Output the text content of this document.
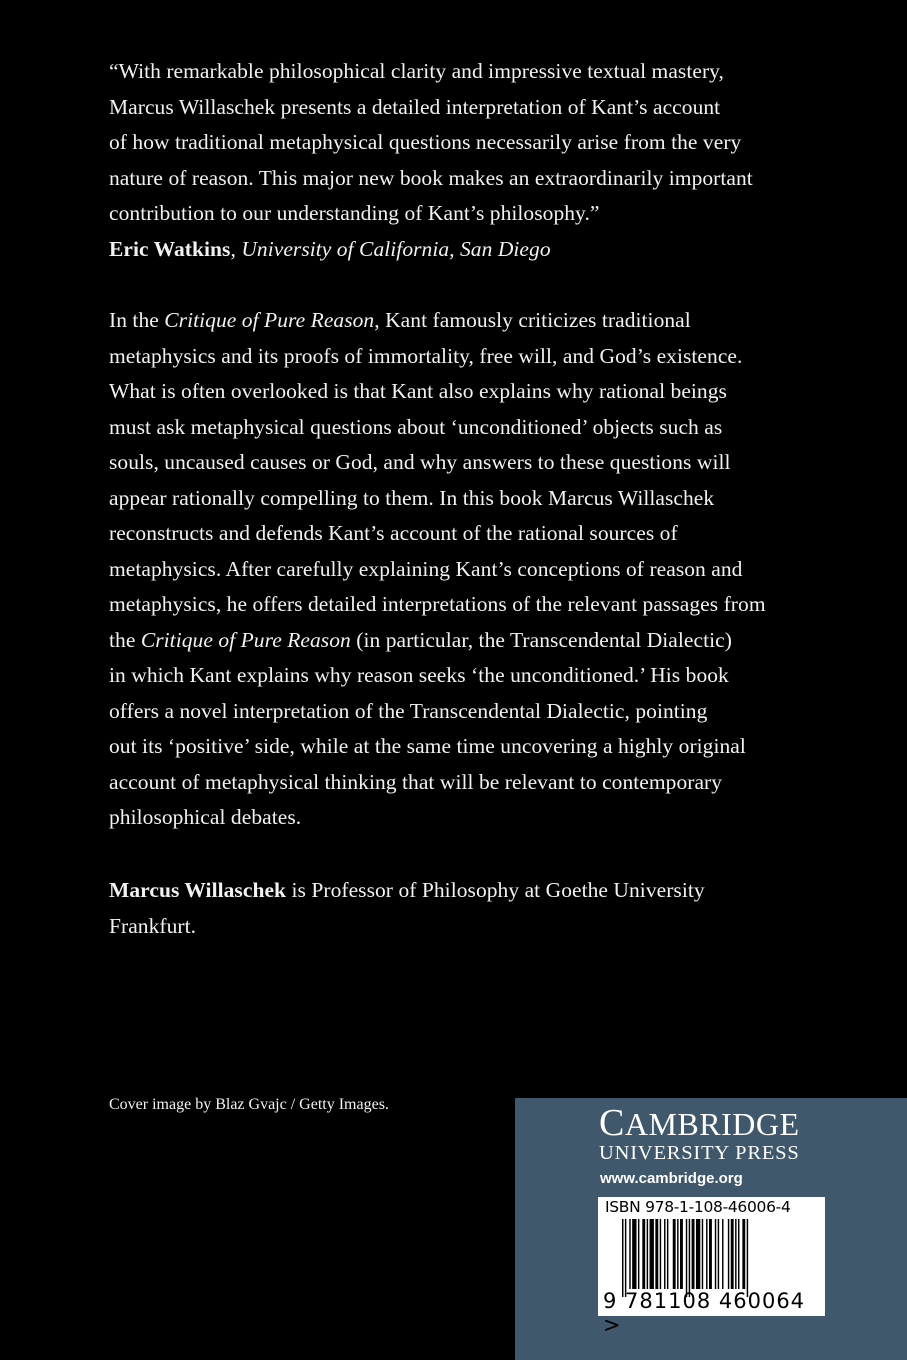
“With remarkable philosophical clarity and impressive textual mastery,
Marcus Willaschek presents a detailed interpretation of Kant’s account
of how traditional metaphysical questions necessarily arise from the very
nature of reason. This major new book makes an extraordinarily important
contribution to our understanding of Kant’s philosophy.”
Eric Watkins, University of California, San Diego
In the Critique of Pure Reason, Kant famously criticizes traditional
metaphysics and its proofs of immortality, free will, and God’s existence.
What is often overlooked is that Kant also explains why rational beings
must ask metaphysical questions about ‘unconditioned’ objects such as
souls, uncaused causes or God, and why answers to these questions will
appear rationally compelling to them. In this book Marcus Willaschek
reconstructs and defends Kant’s account of the rational sources of
metaphysics. After carefully explaining Kant’s conceptions of reason and
metaphysics, he offers detailed interpretations of the relevant passages from
the Critique of Pure Reason (in particular, the Transcendental Dialectic)
in which Kant explains why reason seeks ‘the unconditioned.’ His book
offers a novel interpretation of the Transcendental Dialectic, pointing
out its ‘positive’ side, while at the same time uncovering a highly original
account of metaphysical thinking that will be relevant to contemporary
philosophical debates.
Marcus Willaschek is Professor of Philosophy at Goethe University
Frankfurt.
Cover image by Blaz Gvajc / Getty Images.	CAMBRIDGE
UNIVERSITY PRESS
www.cambridge.org
ISBN 978-1-108-46006-4
9 781108 460064 >
